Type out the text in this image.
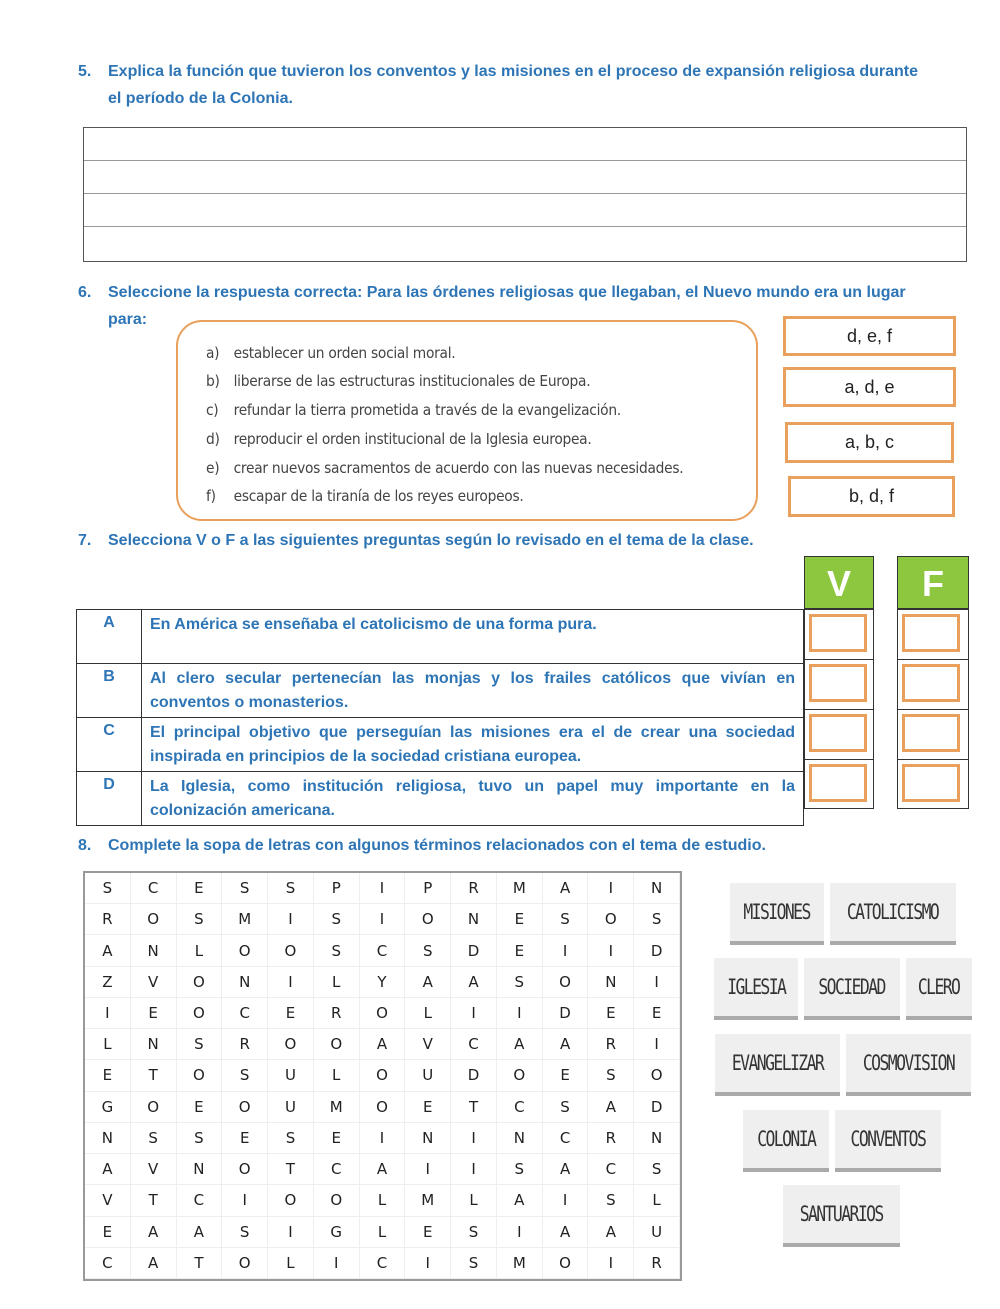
5. Explica la función que tuvieron los conventos y las misiones en el proceso de expansión religiosa durante
el período de la Colonia.
6. Seleccione la respuesta correcta: Para las órdenes religiosas que llegaban, el Nuevo mundo era un lugar
para:
a) establecer un orden social moral.
b) liberarse de las estructuras institucionales de Europa.
c) refundar la tierra prometida a través de la evangelización.
d) reproducir el orden institucional de la Iglesia europea.
e) crear nuevos sacramentos de acuerdo con las nuevas necesidades.
f) escapar de la tiranía de los reyes europeos.
d, e, f
a, d, e
a, b, c
b, d, f
7. Selecciona V o F a las siguientes preguntas según lo revisado en el tema de la clase.
V	F
A	En América se enseñaba el catolicismo de una forma pura.
B	Al clero secular pertenecían las monjas y los frailes católicos que vivían en conventos o monasterios.
C	El principal objetivo que perseguían las misiones era el de crear una sociedad inspirada en principios de la sociedad cristiana europea.
D	La Iglesia, como institución religiosa, tuvo un papel muy importante en la colonización americana.
8. Complete la sopa de letras con algunos términos relacionados con el tema de estudio.
S	C	E	S	S	P	I	P	R	M	A	I	N
R	O	S	M	I	S	I	O	N	E	S	O	S
A	N	L	O	O	S	C	S	D	E	I	I	D
Z	V	O	N	I	L	Y	A	A	S	O	N	I
I	E	O	C	E	R	O	L	I	I	D	E	E
L	N	S	R	O	O	A	V	C	A	A	R	I
E	T	O	S	U	L	O	U	D	O	E	S	O
G	O	E	O	U	M	O	E	T	C	S	A	D
N	S	S	E	S	E	I	N	I	N	C	R	N
A	V	N	O	T	C	A	I	I	S	A	C	S
V	T	C	I	O	O	L	M	L	A	I	S	L
E	A	A	S	I	G	L	E	S	I	A	A	U
C	A	T	O	L	I	C	I	S	M	O	I	R
MISIONES CATOLICISMO
IGLESIA SOCIEDAD CLERO
EVANGELIZAR COSMOVISION
COLONIA CONVENTOS
SANTUARIOS
